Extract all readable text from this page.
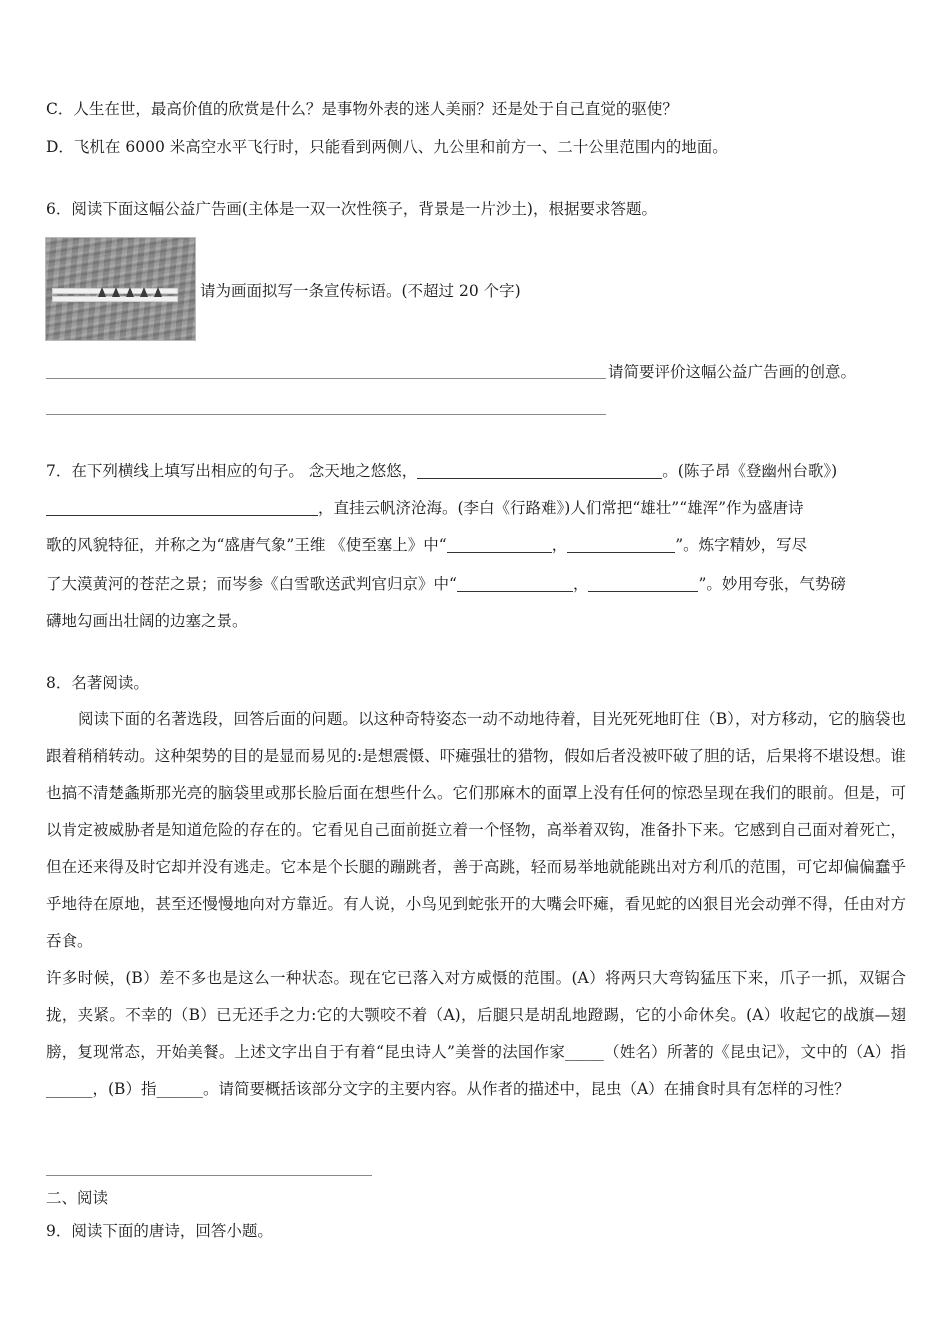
C．人生在世，最高价值的欣赏是什么？是事物外表的迷人美丽？还是处于自己直觉的驱使？
D．飞机在 6000 米高空水平飞行时，只能看到两侧八、九公里和前方一、二十公里范围内的地面。
6．阅读下面这幅公益广告画(主体是一双一次性筷子，背景是一片沙土)，根据要求答题。
请为画面拟写一条宣传标语。(不超过 20 个字)
请简要评价这幅公益广告画的创意。
7．在下列横线上填写出相应的句子。 念天地之悠悠，	。(陈子昂《登幽州台歌》)
，直挂云帆济沧海。(李白《行路难》)人们常把“雄壮”“雄浑”作为盛唐诗
歌的风貌特征，并称之为“盛唐气象”王维 《使至塞上》中“	，	”。炼字精妙，写尽
了大漠黄河的苍茫之景；而岑参《白雪歌送武判官归京》中“	，	”。妙用夸张，气势磅
礴地勾画出壮阔的边塞之景。
8．名著阅读。
阅读下面的名著选段，回答后面的问题。以这种奇特姿态一动不动地待着，目光死死地盯住（B），对方移动，它的脑袋也跟着稍稍转动。这种架势的目的是显而易见的:是想震慑、吓瘫强壮的猎物，假如后者没被吓破了胆的话，后果将不堪设想。谁也搞不清楚螽斯那光亮的脑袋里或那长脸后面在想些什么。它们那麻木的面罩上没有任何的惊恐呈现在我们的眼前。但是，可以肯定被威胁者是知道危险的存在的。它看见自己面前挺立着一个怪物，高举着双钩，准备扑下来。它感到自己面对着死亡，但在还来得及时它却并没有逃走。它本是个长腿的蹦跳者，善于高跳，轻而易举地就能跳出对方利爪的范围，可它却偏偏蠢乎乎地待在原地，甚至还慢慢地向对方靠近。有人说，小鸟见到蛇张开的大嘴会吓瘫，看见蛇的凶狠目光会动弹不得，任由对方吞食。
许多时候，(B）差不多也是这么一种状态。现在它已落入对方威慑的范围。(A）将两只大弯钩猛压下来，爪子一抓，双锯合拢，夹紧。不幸的（B）已无还手之力:它的大颚咬不着（A)，后腿只是胡乱地蹬踢，它的小命休矣。(A）收起它的战旗—翅膀，复现常态，开始美餐。上述文字出自于有着“昆虫诗人”美誉的法国作家_____（姓名）所著的《昆虫记》，文中的（A）指______，(B）指______。请简要概括该部分文字的主要内容。从作者的描述中，昆虫（A）在捕食时具有怎样的习性？
二、阅读
9．阅读下面的唐诗，回答小题。
